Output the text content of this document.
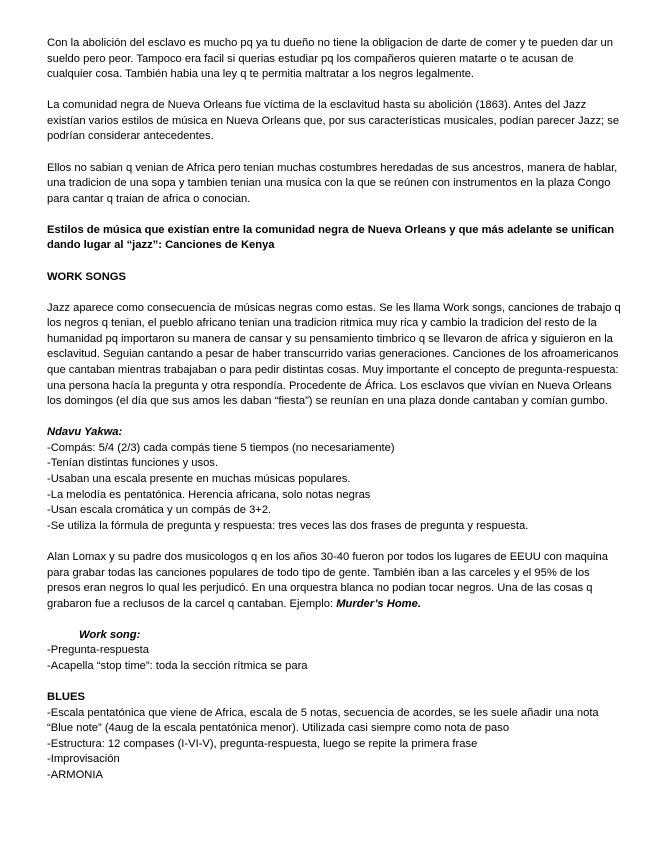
Con la abolición del esclavo es mucho pq ya tu dueño no tiene la obligacion de darte de comer y te pueden dar un sueldo pero peor. Tampoco era facil si querias estudiar pq los compañeros quieren matarte o te acusan de cualquier cosa. También habia una ley q te permitia maltratar a los negros legalmente.

La comunidad negra de Nueva Orleans fue víctima de la esclavitud hasta su abolición (1863). Antes del Jazz existían varios estilos de música en Nueva Orleans que, por sus características musicales, podían parecer Jazz; se podrían considerar antecedentes.

Ellos no sabian q venian de Africa pero tenian muchas costumbres heredadas de sus ancestros, manera de hablar, una tradicion de una sopa y tambien tenian una musica con la que se reúnen con instrumentos en la plaza Congo para cantar q traian de africa o conocian.

Estilos de música que existían entre la comunidad negra de Nueva Orleans y que más adelante se unifican dando lugar al “jazz”: Canciones de Kenya

WORK SONGS

Jazz aparece como consecuencia de músicas negras como estas. Se les llama Work songs, canciones de trabajo q los negros q tenian, el pueblo africano tenian una tradicion ritmica muy rica y cambio la tradicion del resto de la humanidad pq importaron su manera de cansar y su pensamiento timbrico q se llevaron de africa y siguieron en la esclavitud. Seguian cantando a pesar de haber transcurrido varias generaciones. Canciones de los afroamericanos que cantaban mientras trabajaban o para pedir distintas cosas. Muy importante el concepto de pregunta-respuesta: una persona hacía la pregunta y otra respondía. Procedente de África. Los esclavos que vivían en Nueva Orleans los domingos (el día que sus amos les daban “fiesta”) se reunían en una plaza donde cantaban y comían gumbo.

Ndavu Yakwa:

-Compás: 5/4 (2/3) cada compás tiene 5 tiempos (no necesariamente)
-Tenían distintas funciones y usos.
-Usaban una escala presente en muchas músicas populares.
-La melodía es pentatónica. Herencia africana, solo notas negras
-Usan escala cromática y un compás de 3+2.
-Se utiliza la fórmula de pregunta y respuesta: tres veces las dos frases de pregunta y respuesta.

Alan Lomax y su padre dos musicologos q en los años 30-40 fueron por todos los lugares de EEUU con maquina para grabar todas las canciones populares de todo tipo de gente. También iban a las carceles y el 95% de los presos eran negros lo qual les perjudicó. En una orquestra blanca no podian tocar negros. Una de las cosas q grabaron fue a reclusos de la carcel q cantaban. Ejemplo: Murder’s Home.

Work song:

-Pregunta-respuesta
-Acapella “stop time”: toda la sección rítmica se para

BLUES

-Escala pentatónica que viene de Africa, escala de 5 notas, secuencia de acordes, se les suele añadir una nota “Blue note” (4aug de la escala pentatónica menor). Utilizada casi siempre como nota de paso

-Estructura: 12 compases (I-VI-V), pregunta-respuesta, luego se repite la primera frase
-Improvisación
-ARMONIA
